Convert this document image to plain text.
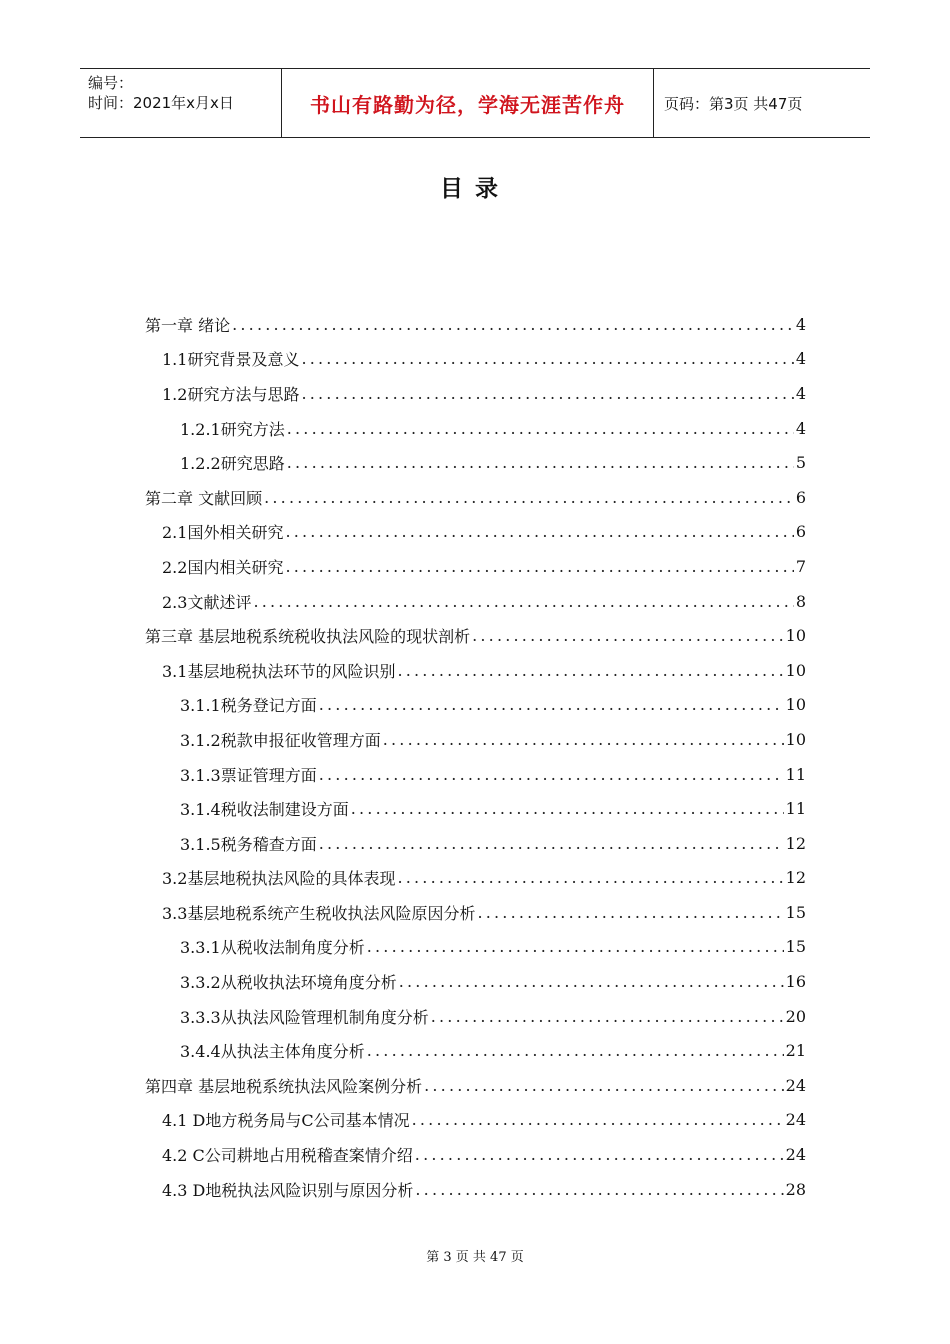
编号：
时间：2021年x月x日	书山有路勤为径，学海无涯苦作舟	页码：第3页 共47页
目录
第一章 绪论 .....	4
1.1研究背景及意义 .....	4
1.2研究方法与思路 .....	4
1.2.1研究方法 .....	4
1.2.2研究思路 .....	5
第二章 文献回顾 .....	6
2.1国外相关研究 .....	6
2.2国内相关研究 .....	7
2.3文献述评 .....	8
第三章 基层地税系统税收执法风险的现状剖析 .....	10
3.1基层地税执法环节的风险识别 .....	10
3.1.1税务登记方面 .....	10
3.1.2税款申报征收管理方面 .....	10
3.1.3票证管理方面 .....	11
3.1.4税收法制建设方面 .....	11
3.1.5税务稽查方面 .....	12
3.2基层地税执法风险的具体表现 .....	12
3.3基层地税系统产生税收执法风险原因分析 .....	15
3.3.1从税收法制角度分析 .....	15
3.3.2从税收执法环境角度分析 .....	16
3.3.3从执法风险管理机制角度分析 .....	20
3.4.4从执法主体角度分析 .....	21
第四章 基层地税系统执法风险案例分析 .....	24
4.1 D地方税务局与C公司基本情况 .....	24
4.2 C公司耕地占用税稽查案情介绍 .....	24
4.3 D地税执法风险识别与原因分析 .....	28
第 3 页 共 47 页
